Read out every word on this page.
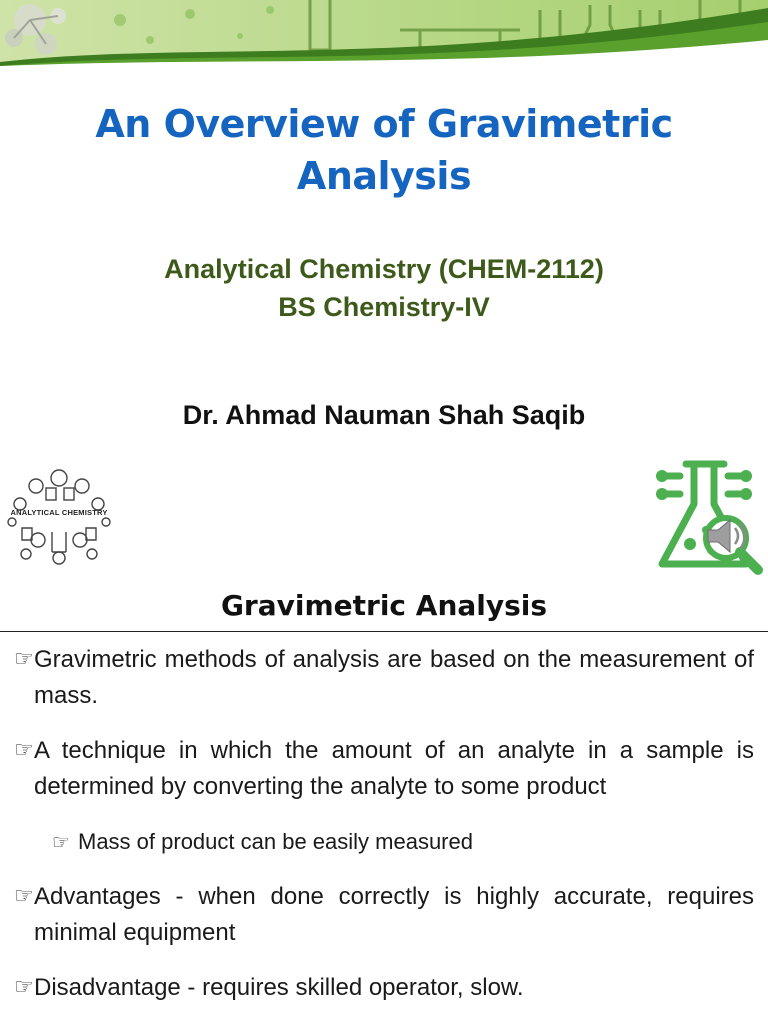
An Overview of Gravimetric Analysis
Analytical Chemistry (CHEM-2112)
BS Chemistry-IV
Dr. Ahmad Nauman Shah Saqib
ANALYTICAL CHEMISTRY
Gravimetric Analysis
☞ Gravimetric methods of analysis are based on the measurement of mass.
☞ A technique in which the amount of an analyte in a sample is determined by converting the analyte to some product
☞ Mass of product can be easily measured
☞ Advantages - when done correctly is highly accurate, requires minimal equipment
☞ Disadvantage - requires skilled operator, slow.
